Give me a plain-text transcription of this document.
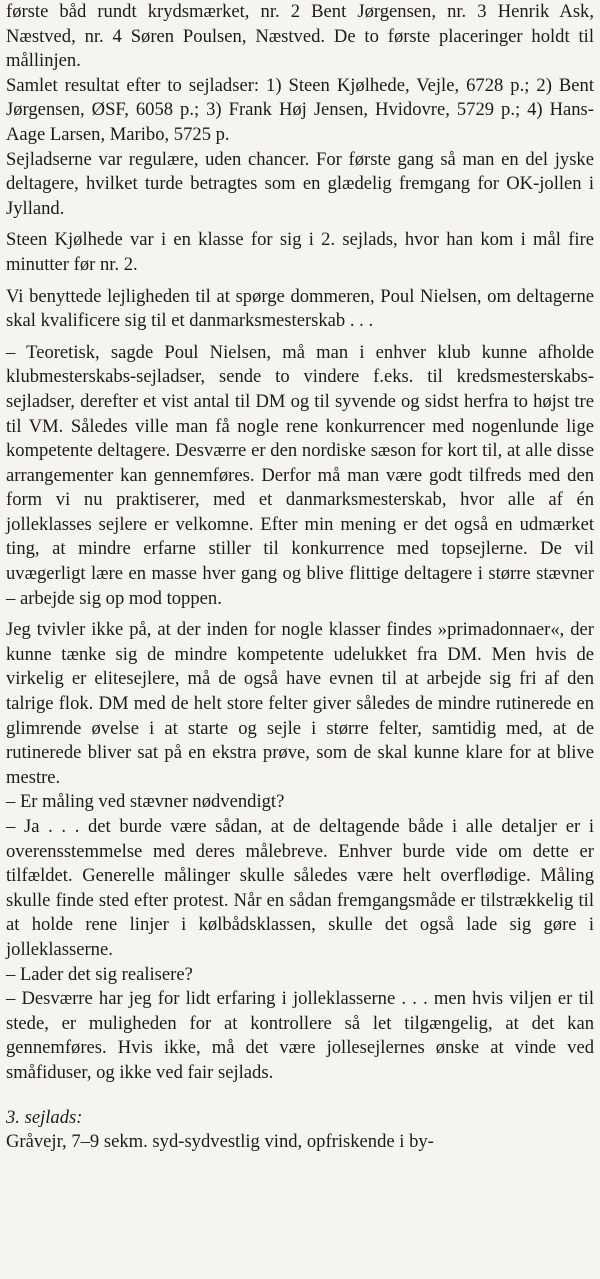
første båd rundt krydsmærket, nr. 2 Bent Jørgensen, nr. 3 Henrik Ask, Næstved, nr. 4 Søren Poulsen, Næstved. De to første placeringer holdt til mållinjen.

Samlet resultat efter to sejladser: 1) Steen Kjølhede, Vejle, 6728 p.; 2) Bent Jørgensen, ØSF, 6058 p.; 3) Frank Høj Jensen, Hvidovre, 5729 p.; 4) Hans-Aage Larsen, Maribo, 5725 p.

Sejladserne var regulære, uden chancer. For første gang så man en del jyske deltagere, hvilket turde betragtes som en glædelig fremgang for OK-jollen i Jylland.

Steen Kjølhede var i en klasse for sig i 2. sejlads, hvor han kom i mål fire minutter før nr. 2.

Vi benyttede lejligheden til at spørge dommeren, Poul Nielsen, om deltagerne skal kvalificere sig til et danmarksmesterskab . . .

– Teoretisk, sagde Poul Nielsen, må man i enhver klub kunne afholde klubmesterskabs-sejladser, sende to vindere f.eks. til kredsmesterskabs-sejladser, derefter et vist antal til DM og til syvende og sidst herfra to højst tre til VM. Således ville man få nogle rene konkurrencer med nogenlunde lige kompetente deltagere. Desværre er den nordiske sæson for kort til, at alle disse arrangementer kan gennemføres. Derfor må man være godt tilfreds med den form vi nu praktiserer, med et danmarksmesterskab, hvor alle af én jolleklasses sejlere er velkomne. Efter min mening er det også en udmærket ting, at mindre erfarne stiller til konkurrence med topsejlerne. De vil uvægerligt lære en masse hver gang og blive flittige deltagere i større stævner – arbejde sig op mod toppen.

Jeg tvivler ikke på, at der inden for nogle klasser findes »primadonnaer«, der kunne tænke sig de mindre kompetente udelukket fra DM. Men hvis de virkelig er elitesejlere, må de også have evnen til at arbejde sig fri af den talrige flok. DM med de helt store felter giver således de mindre rutinerede en glimrende øvelse i at starte og sejle i større felter, samtidig med, at de rutinerede bliver sat på en ekstra prøve, som de skal kunne klare for at blive mestre.

– Er måling ved stævner nødvendigt?

– Ja . . . det burde være sådan, at de deltagende både i alle detaljer er i overensstemmelse med deres målebreve. Enhver burde vide om dette er tilfældet. Generelle målinger skulle således være helt overflødige. Måling skulle finde sted efter protest. Når en sådan fremgangsmåde er tilstrækkelig til at holde rene linjer i kølbådsklassen, skulle det også lade sig gøre i jolleklasserne.

– Lader det sig realisere?

– Desværre har jeg for lidt erfaring i jolleklasserne . . . men hvis viljen er til stede, er muligheden for at kontrollere så let tilgængelig, at det kan gennemføres. Hvis ikke, må det være jollesejlernes ønske at vinde ved småfiduser, og ikke ved fair sejlads.

3. sejlads:

Gråvejr, 7–9 sekm. syd-sydvestlig vind, opfriskende i by-
